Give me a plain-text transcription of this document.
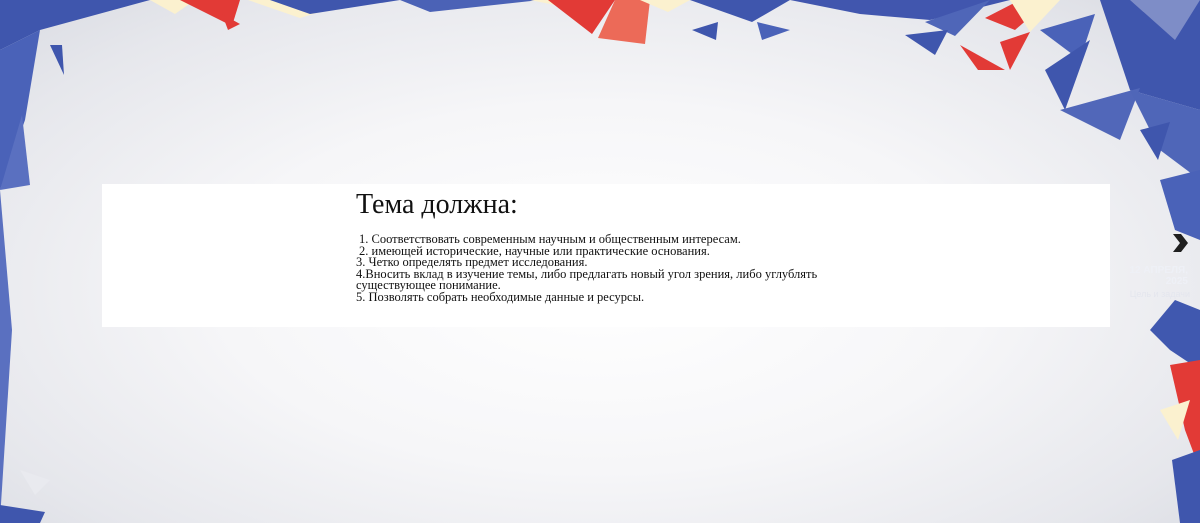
Тема должна:
1. Соответствовать современным научным и общественным интересам.
2. имеющей исторические, научные или практические основания.
3. Четко определять предмет исследования.
4.Вносить вклад в изучение темы, либо предлагать новый угол зрения, либо углублять существующее понимание.
5. Позволять собрать необходимые данные и ресурсы.
12 АПРЕЛЯ,
2025
Цель и задачи
